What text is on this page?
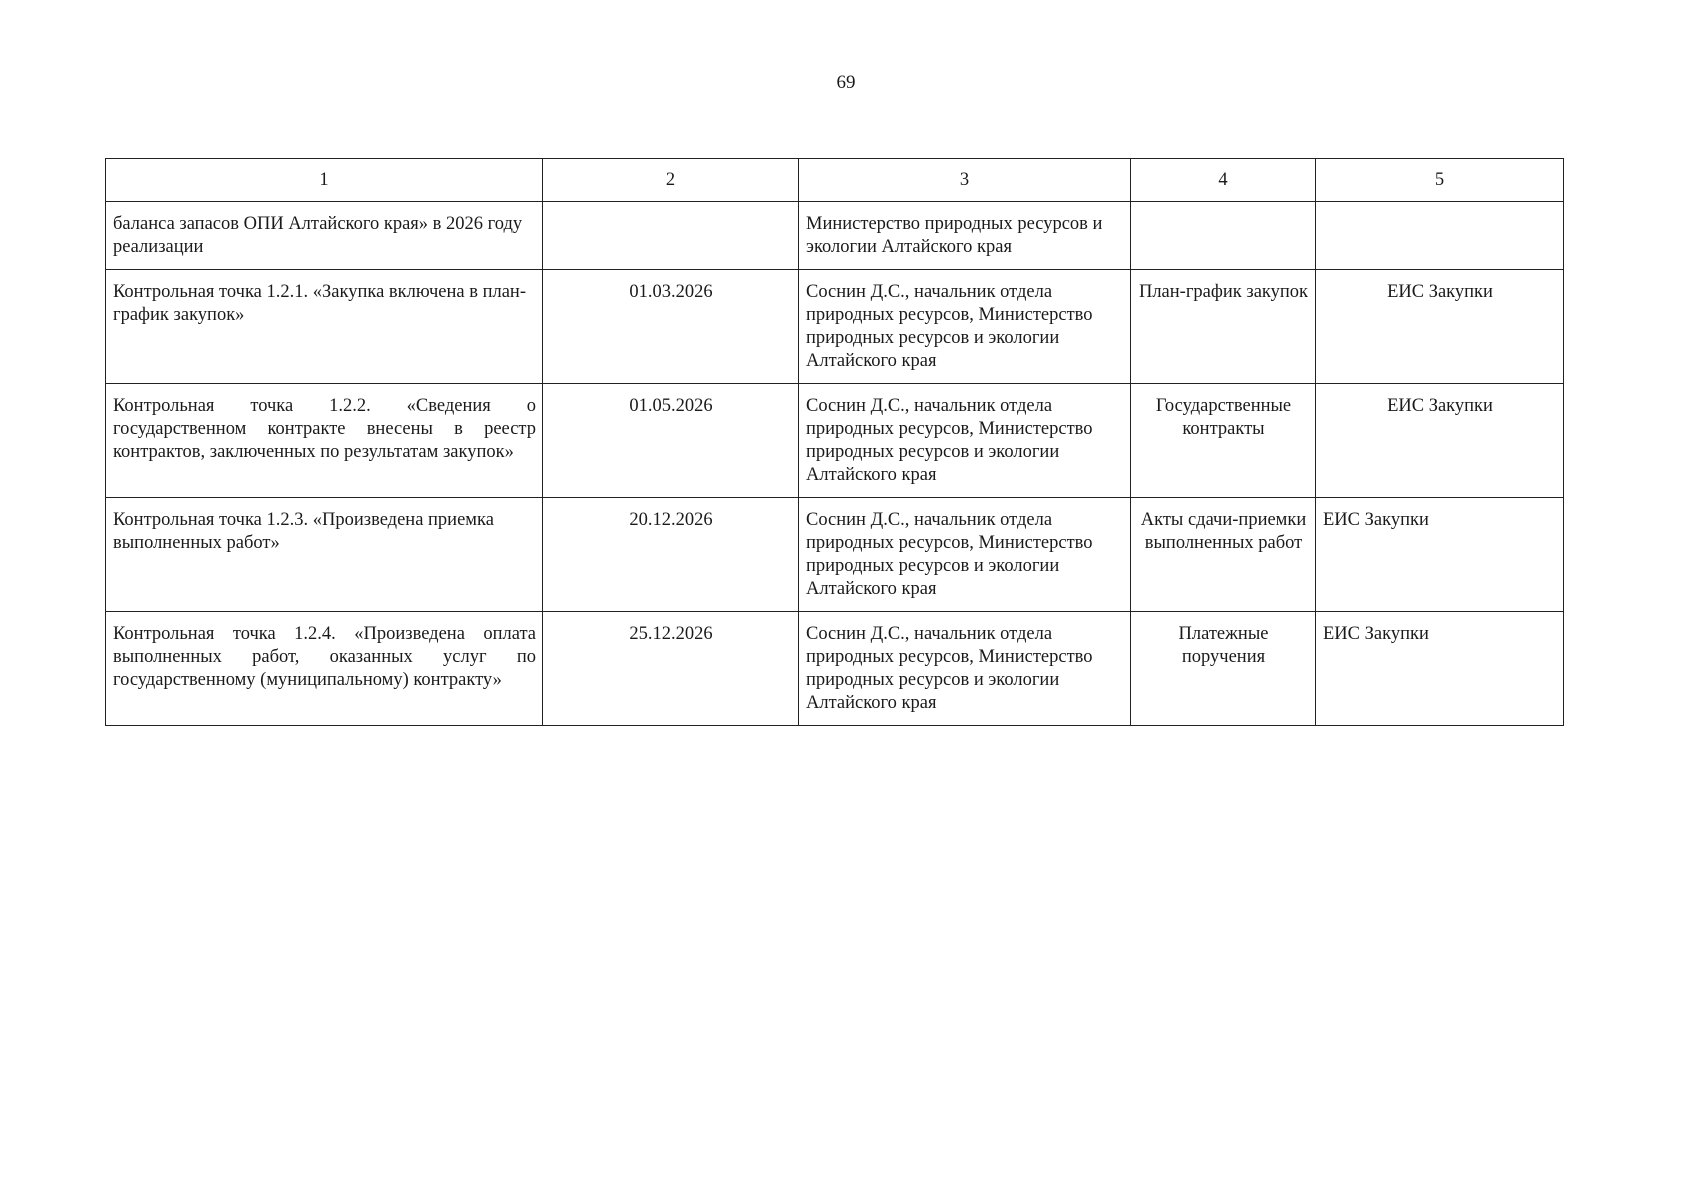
69
1	2	3	4	5
баланса запасов ОПИ Алтайского края» в 2026 году реализации		Министерство природных ресурсов и экологии Алтайского края		
Контрольная точка 1.2.1. «Закупка включена в план-график закупок»	01.03.2026	Соснин Д.С., начальник отдела природных ресурсов, Министерство природных ресурсов и экологии Алтайского края	План-график закупок	ЕИС Закупки
Контрольная точка 1.2.2. «Сведения о государственном контракте внесены в реестр контрактов, заключенных по результатам закупок»	01.05.2026	Соснин Д.С., начальник отдела природных ресурсов, Министерство природных ресурсов и экологии Алтайского края	Государственные контракты	ЕИС Закупки
Контрольная точка 1.2.3. «Произведена приемка выполненных работ»	20.12.2026	Соснин Д.С., начальник отдела природных ресурсов, Министерство природных ресурсов и экологии Алтайского края	Акты сдачи-приемки выполненных работ	ЕИС Закупки
Контрольная точка 1.2.4. «Произведена оплата выполненных работ, оказанных услуг по государственному (муниципальному) контракту»	25.12.2026	Соснин Д.С., начальник отдела природных ресурсов, Министерство природных ресурсов и экологии Алтайского края	Платежные поручения	ЕИС Закупки
